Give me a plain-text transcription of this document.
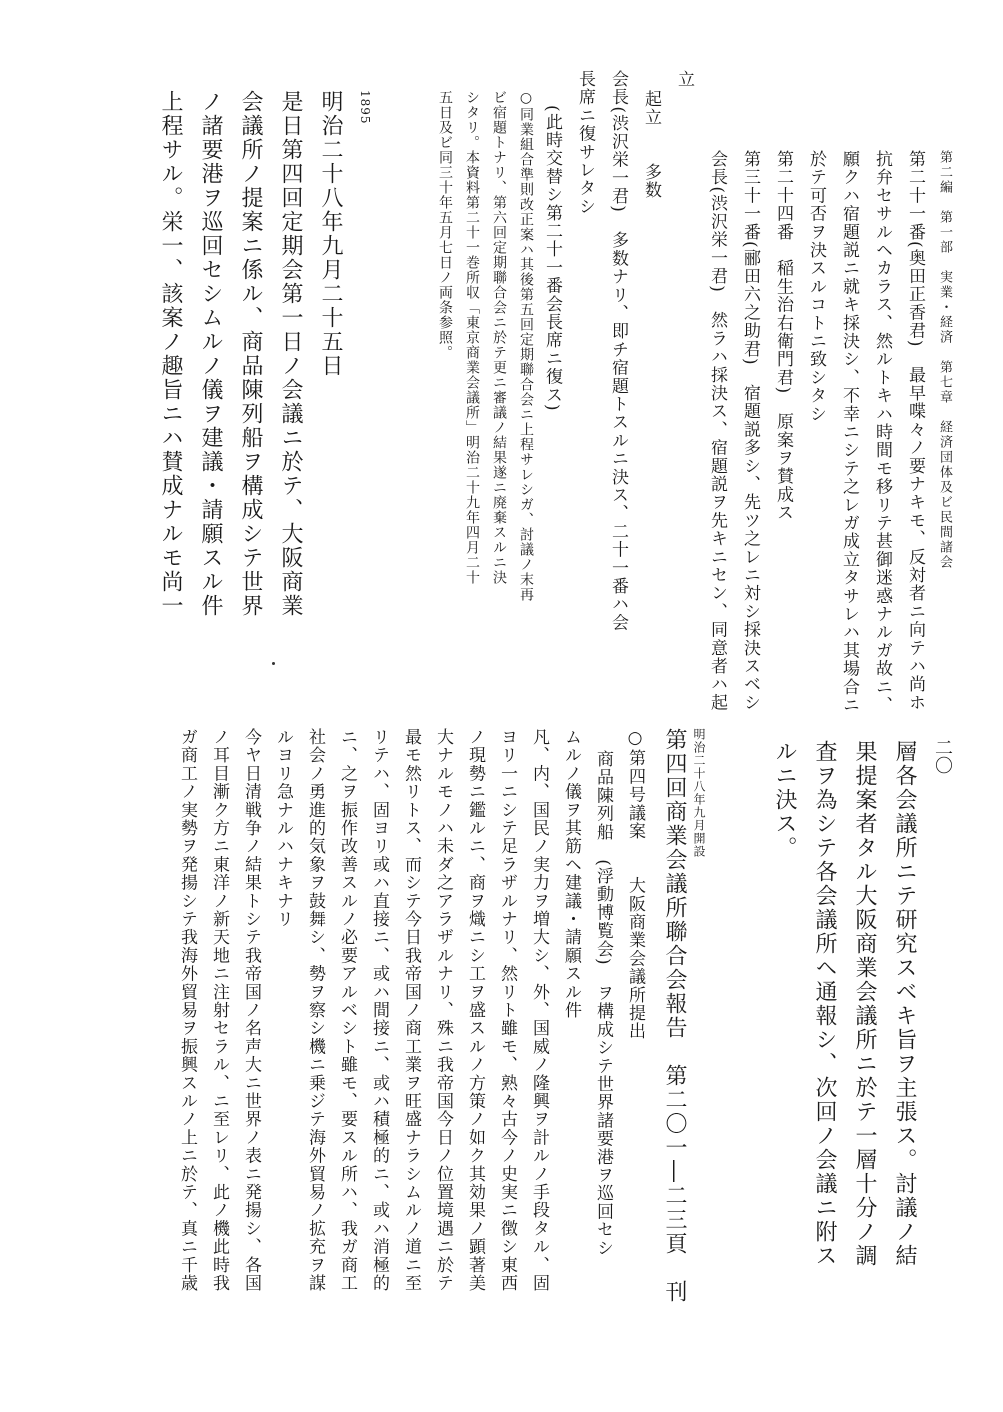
第二編　第一部　実業・経済　第七章　経済団体及ビ民間諸会
二〇
第二十一番(奥田正香君)　最早喋々ノ要ナキモ、反対者ニ向テハ尚ホ
抗弁セサルヘカラス、然ルトキハ時間モ移リテ甚御迷惑ナルガ故ニ、
願クハ宿題説ニ就キ採決シ、不幸ニシテ之レガ成立タサレハ其場合ニ
於テ可否ヲ決スルコトニ致シタシ
第二十四番　稲生治右衛門君)　原案ヲ賛成ス
第三十一番(郦田六之助君)　宿題説多シ、先ツ之レニ対シ採決スベシ
会長(渋沢栄一君)　然ラハ採決ス、宿題説ヲ先キニセン、同意者ハ起
立
起立　　多数
会長(渋沢栄一君)　多数ナリ、即チ宿題トスルニ決ス、二十一番ハ会
長席ニ復サレタシ
(此時交替シ第二十一番会長席ニ復ス)
○同業組合準則改正案ハ其後第五回定期聯合会ニ上程サレシガ、討議ノ末再
ビ宿題トナリ、第六回定期聯合会ニ於テ更ニ審議ノ結果遂ニ廃棄スルニ決
シタリ。本資料第二十一巻所収「東京商業会議所」明治二十九年四月二十
五日及ビ同三十年五月七日ノ両条参照。
1895
明治二十八年九月二十五日
是日第四回定期会第一日ノ会議ニ於テ、大阪商業
会議所ノ提案ニ係ル、商品陳列船ヲ構成シテ世界
ノ諸要港ヲ巡回セシムルノ儀ヲ建議・請願スル件
上程サル。栄一、該案ノ趣旨ニハ賛成ナルモ尚一
層各会議所ニテ研究スベキ旨ヲ主張ス。討議ノ結
果提案者タル大阪商業会議所ニ於テ一層十分ノ調
査ヲ為シテ各会議所ヘ通報シ、次回ノ会議ニ附ス
ルニ決ス。
明治二十八年九月開設
第四回商業会議所聯合会報告　第二〇一―二三頁　刊
○第四号議案　　大阪商業会議所提出
商品陳列船　(浮動博覧会)　ヲ構成シテ世界諸要港ヲ巡回セシ
ムルノ儀ヲ其筋ヘ建議・請願スル件
凡、内、国民ノ実力ヲ増大シ、外、国威ノ隆興ヲ計ルノ手段タル、固
ヨリ一ニシテ足ラザルナリ、然リト雖モ、熟々古今ノ史実ニ徴シ東西
ノ現勢ニ鑑ルニ、商ヲ熾ニシ工ヲ盛スルノ方策ノ如ク其効果ノ顕著美
大ナルモノハ未ダ之アラザルナリ、殊ニ我帝国今日ノ位置境遇ニ於テ
最モ然リトス、而シテ今日我帝国ノ商工業ヲ旺盛ナラシムルノ道ニ至
リテハ、固ヨリ或ハ直接ニ、或ハ間接ニ、或ハ積極的ニ、或ハ消極的
ニ、之ヲ振作改善スルノ必要アルベシト雖モ、要スル所ハ、我ガ商工
社会ノ勇進的気象ヲ鼓舞シ、勢ヲ察シ機ニ乗ジテ海外貿易ノ拡充ヲ謀
ルヨリ急ナルハナキナリ
今ヤ日清戦争ノ結果トシテ我帝国ノ名声大ニ世界ノ表ニ発揚シ、各国
ノ耳目漸ク方ニ東洋ノ新天地ニ注射セラル、ニ至レリ、此ノ機此時我
ガ商工ノ実勢ヲ発揚シテ我海外貿易ヲ振興スルノ上ニ於テ、真ニ千歳
